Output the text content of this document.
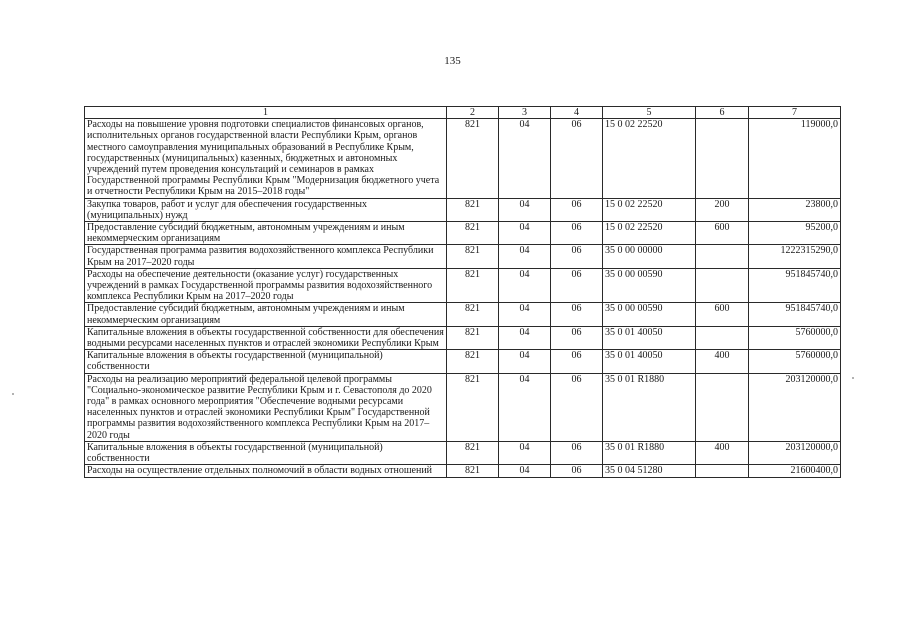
135
1	2	3	4	5	6	7
Расходы на повышение уровня подготовки специалистов финансовых органов, исполнительных органов государственной власти Республики Крым, органов местного самоуправления муниципальных образований в Республике Крым, государственных (муниципальных) казенных, бюджетных и автономных учреждений путем проведения консультаций и семинаров в рамках Государственной программы Республики Крым "Модернизация бюджетного учета и отчетности Республики Крым на 2015–2018 годы"	821	04	06	15 0 02 22520		119000,0
Закупка товаров, работ и услуг для обеспечения государственных (муниципальных) нужд	821	04	06	15 0 02 22520	200	23800,0
Предоставление субсидий бюджетным, автономным учреждениям и иным некоммерческим организациям	821	04	06	15 0 02 22520	600	95200,0
Государственная программа развития водохозяйственного комплекса Республики Крым на 2017–2020 годы	821	04	06	35 0 00 00000		1222315290,0
Расходы на обеспечение деятельности (оказание услуг) государственных учреждений в рамках Государственной программы развития водохозяйственного комплекса Республики Крым на 2017–2020 годы	821	04	06	35 0 00 00590		951845740,0
Предоставление субсидий бюджетным, автономным учреждениям и иным некоммерческим организациям	821	04	06	35 0 00 00590	600	951845740,0
Капитальные вложения в объекты государственной собственности для обеспечения водными ресурсами населенных пунктов и отраслей экономики Республики Крым	821	04	06	35 0 01 40050		5760000,0
Капитальные вложения в объекты государственной (муниципальной) собственности	821	04	06	35 0 01 40050	400	5760000,0
Расходы на реализацию мероприятий федеральной целевой программы "Социально-экономическое развитие Республики Крым и г. Севастополя до 2020 года" в рамках основного мероприятия "Обеспечение водными ресурсами населенных пунктов и отраслей экономики Республики Крым" Государственной программы развития водохозяйственного комплекса Республики Крым на 2017–2020 годы	821	04	06	35 0 01 R1880		203120000,0
Капитальные вложения в объекты государственной (муниципальной) собственности	821	04	06	35 0 01 R1880	400	203120000,0
Расходы на осуществление отдельных полномочий в области водных отношений	821	04	06	35 0 04 51280		21600400,0
